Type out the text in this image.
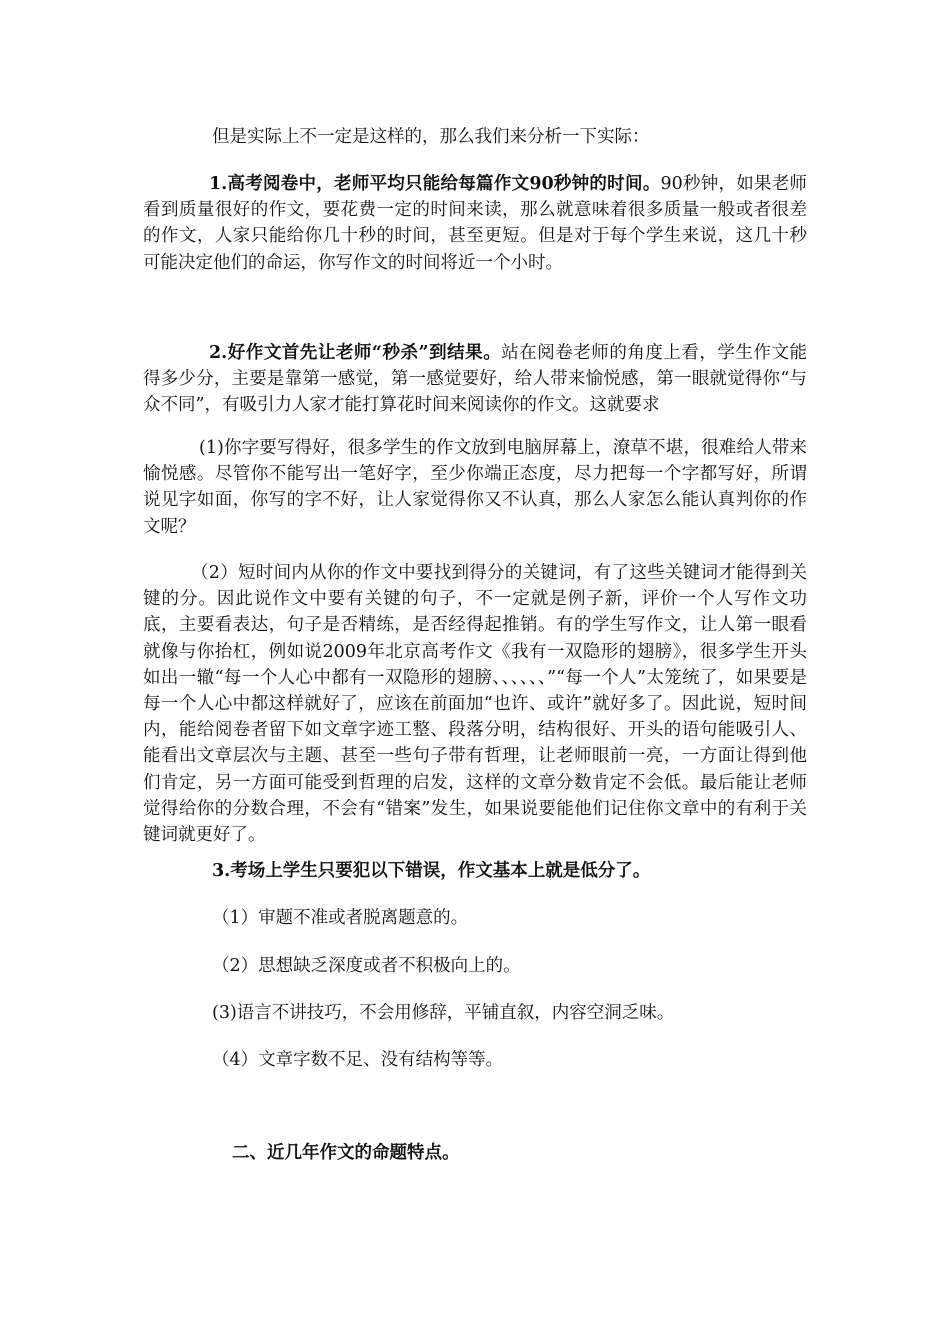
但是实际上不一定是这样的，那么我们来分析一下实际：

1.高考阅卷中，老师平均只能给每篇作文90秒钟的时间。90秒钟，如果老师看到质量很好的作文，要花费一定的时间来读，那么就意味着很多质量一般或者很差的作文，人家只能给你几十秒的时间，甚至更短。但是对于每个学生来说，这几十秒可能决定他们的命运，你写作文的时间将近一个小时。

2.好作文首先让老师“秒杀”到结果。站在阅卷老师的角度上看，学生作文能得多少分，主要是靠第一感觉，第一感觉要好，给人带来愉悦感，第一眼就觉得你“与众不同”，有吸引力人家才能打算花时间来阅读你的作文。这就要求

(1)你字要写得好，很多学生的作文放到电脑屏幕上，潦草不堪，很难给人带来愉悦感。尽管你不能写出一笔好字，至少你端正态度，尽力把每一个字都写好，所谓说见字如面，你写的字不好，让人家觉得你又不认真，那么人家怎么能认真判你的作文呢？

（2）短时间内从你的作文中要找到得分的关键词，有了这些关键词才能得到关键的分。因此说作文中要有关键的句子，不一定就是例子新，评价一个人写作文功底，主要看表达，句子是否精练，是否经得起推销。有的学生写作文，让人第一眼看就像与你抬杠，例如说2009年北京高考作文《我有一双隐形的翅膀》，很多学生开头如出一辙“每一个人心中都有一双隐形的翅膀、、、、、、”“每一个人”太笼统了，如果要是每一个人心中都这样就好了，应该在前面加“也许、或许”就好多了。因此说，短时间内，能给阅卷者留下如文章字迹工整、段落分明，结构很好、开头的语句能吸引人、能看出文章层次与主题、甚至一些句子带有哲理，让老师眼前一亮，一方面让得到他们肯定，另一方面可能受到哲理的启发，这样的文章分数肯定不会低。最后能让老师觉得给你的分数合理，不会有“错案”发生，如果说要能他们记住你文章中的有利于关键词就更好了。

3.考场上学生只要犯以下错误，作文基本上就是低分了。

（1）审题不准或者脱离题意的。

（2）思想缺乏深度或者不积极向上的。

(3)语言不讲技巧，不会用修辞，平铺直叙，内容空洞乏味。

（4）文章字数不足、没有结构等等。

二、近几年作文的命题特点。
